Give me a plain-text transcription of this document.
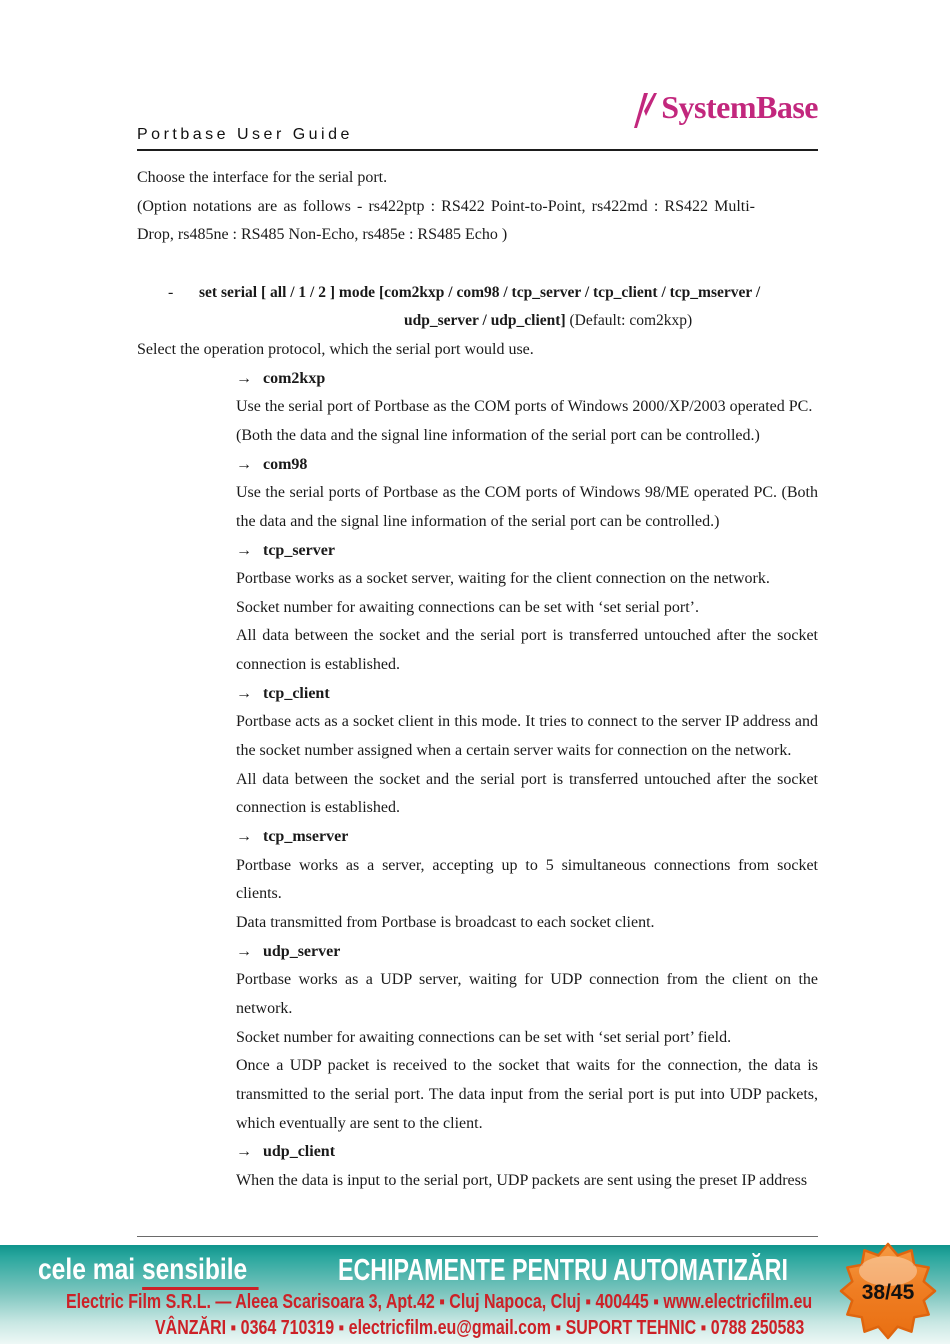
SystemBase
Portbase User Guide

Choose the interface for the serial port.

(Option notations are as follows - rs422ptp : RS422 Point-to-Point, rs422md : RS422 Multi-Drop, rs485ne : RS485 Non-Echo, rs485e : RS485 Echo )

- set serial [ all / 1 / 2 ] mode [com2kxp / com98 / tcp_server / tcp_client / tcp_mserver /
udp_server / udp_client] (Default: com2kxp)

Select the operation protocol, which the serial port would use.

→ com2kxp

Use the serial port of Portbase as the COM ports of Windows 2000/XP/2003 operated PC.

(Both the data and the signal line information of the serial port can be controlled.)

→ com98

Use the serial ports of Portbase as the COM ports of Windows 98/ME operated PC. (Both the data and the signal line information of the serial port can be controlled.)

→ tcp_server

Portbase works as a socket server, waiting for the client connection on the network.

Socket number for awaiting connections can be set with ‘set serial port’.

All data between the socket and the serial port is transferred untouched after the socket connection is established.

→ tcp_client

Portbase acts as a socket client in this mode. It tries to connect to the server IP address and the socket number assigned when a certain server waits for connection on the network.

All data between the socket and the serial port is transferred untouched after the socket connection is established.

→ tcp_mserver

Portbase works as a server, accepting up to 5 simultaneous connections from socket clients.

Data transmitted from Portbase is broadcast to each socket client.

→ udp_server

Portbase works as a UDP server, waiting for UDP connection from the client on the network.

Socket number for awaiting connections can be set with ‘set serial port’ field.

Once a UDP packet is received to the socket that waits for the connection, the data is transmitted to the serial port. The data input from the serial port is put into UDP packets, which eventually are sent to the client.

→ udp_client

When the data is input to the serial port, UDP packets are sent using the preset IP address

cele mai sensibile	ECHIPAMENTE PENTRU AUTOMATIZĂRI
Electric Film S.R.L. — Aleea Scarisoara 3, Apt.42 ▪ Cluj Napoca, Cluj ▪ 400445 ▪ www.electricfilm.eu
VÂNZĂRI ▪ 0364 710319 ▪ electricfilm.eu@gmail.com ▪ SUPORT TEHNIC ▪ 0788 250583
38/45
